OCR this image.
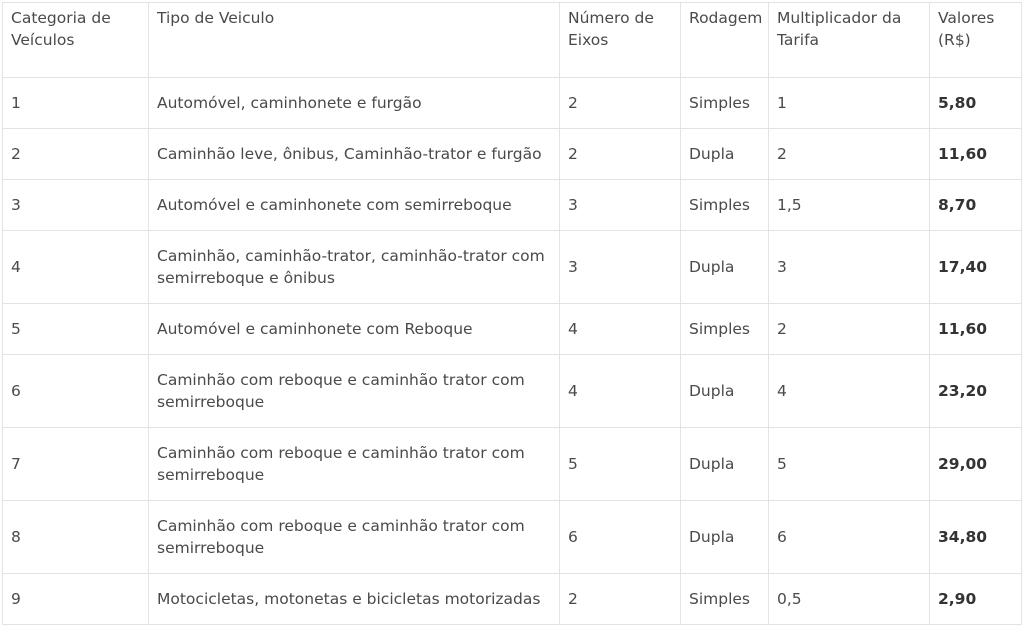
Categoria de Veículos	Tipo de Veiculo	Número de Eixos	Rodagem	Multiplicador da Tarifa	Valores (R$)
1	Automóvel, caminhonete e furgão	2	Simples	1	5,80
2	Caminhão leve, ônibus, Caminhão-trator e furgão	2	Dupla	2	11,60
3	Automóvel e caminhonete com semirreboque	3	Simples	1,5	8,70
4	Caminhão, caminhão-trator, caminhão-trator com semirreboque e ônibus	3	Dupla	3	17,40
5	Automóvel e caminhonete com Reboque	4	Simples	2	11,60
6	Caminhão com reboque e caminhão trator com semirreboque	4	Dupla	4	23,20
7	Caminhão com reboque e caminhão trator com semirreboque	5	Dupla	5	29,00
8	Caminhão com reboque e caminhão trator com semirreboque	6	Dupla	6	34,80
9	Motocicletas, motonetas e bicicletas motorizadas	2	Simples	0,5	2,90
